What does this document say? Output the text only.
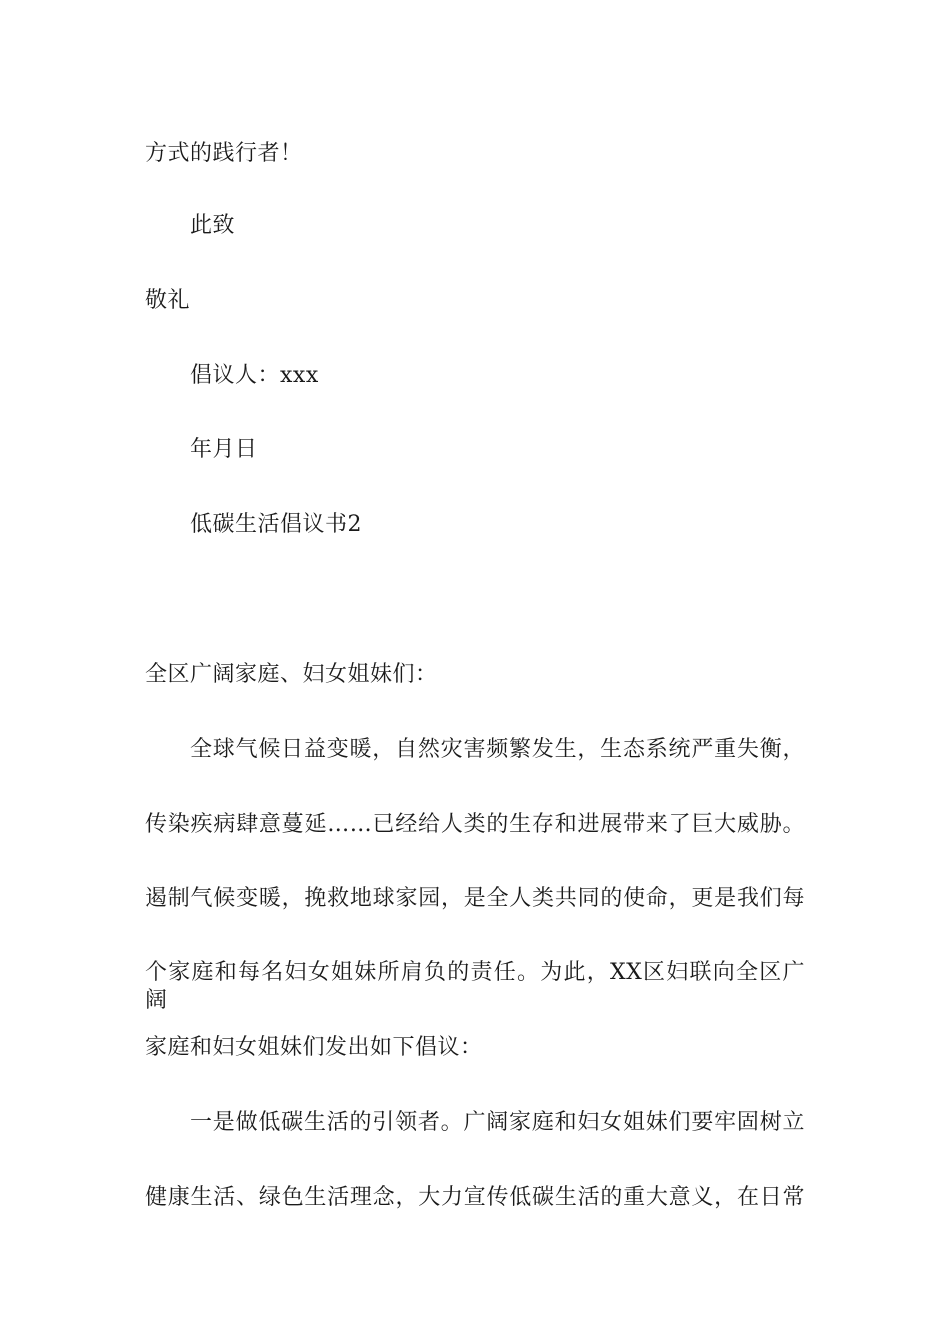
方式的践行者！
此致
敬礼
倡议人：xxx
年月日
低碳生活倡议书2
全区广阔家庭、妇女姐妹们：
全球气候日益变暖，自然灾害频繁发生，生态系统严重失衡，
传染疾病肆意蔓延……已经给人类的生存和进展带来了巨大威胁。
遏制气候变暖，挽救地球家园，是全人类共同的使命，更是我们每
个家庭和每名妇女姐妹所肩负的责任。为此，XX区妇联向全区广阔
家庭和妇女姐妹们发出如下倡议：
一是做低碳生活的引领者。广阔家庭和妇女姐妹们要牢固树立
健康生活、绿色生活理念，大力宣传低碳生活的重大意义，在日常
